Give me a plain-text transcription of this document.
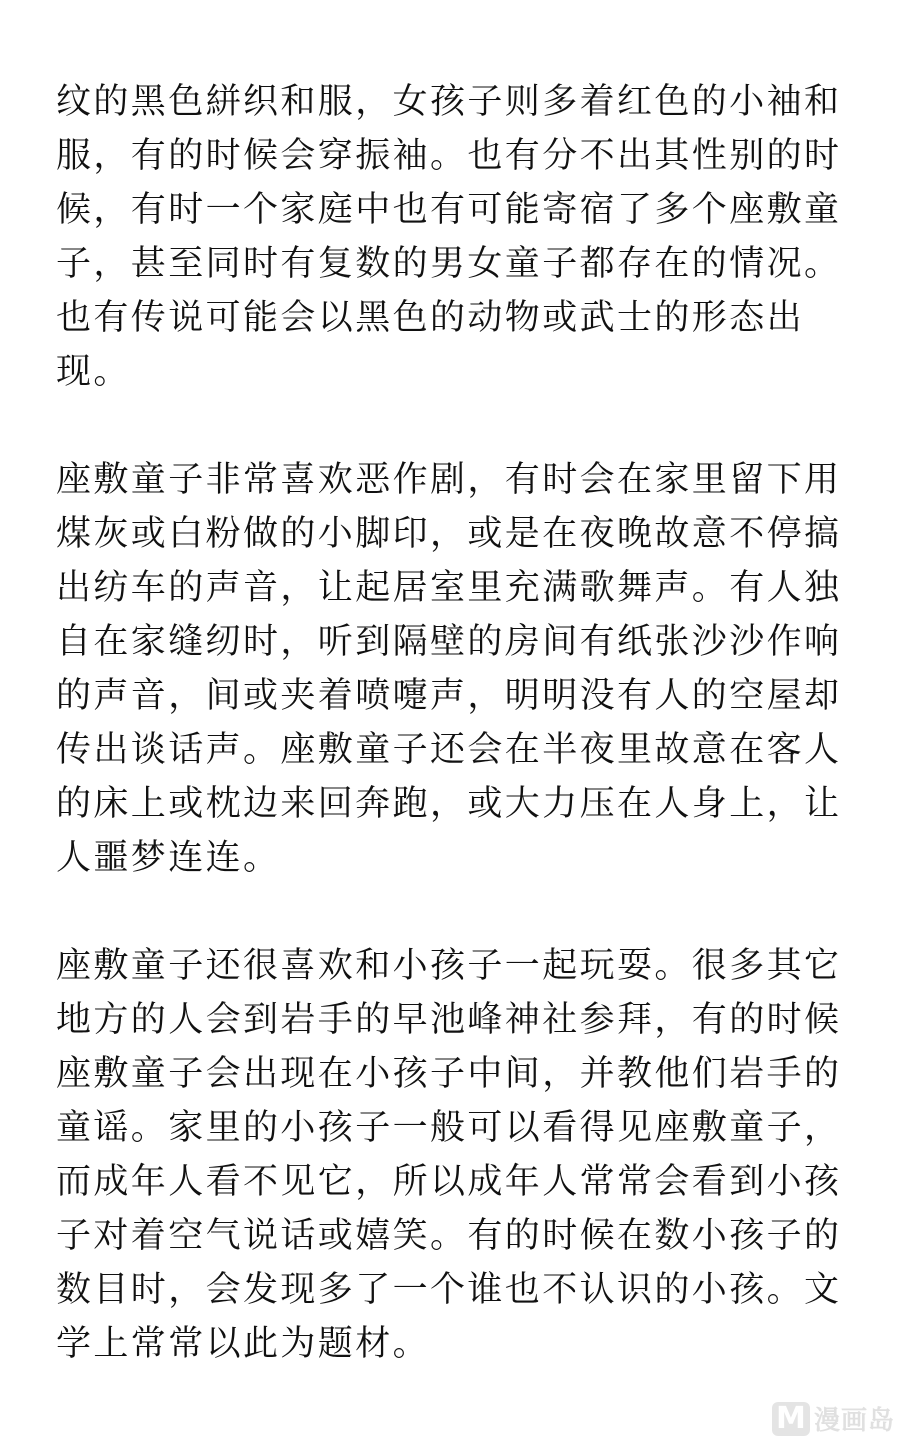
纹的黑色絣织和服，女孩子则多着红色的小袖和
服，有的时候会穿振袖。也有分不出其性别的时
候，有时一个家庭中也有可能寄宿了多个座敷童
子，甚至同时有复数的男女童子都存在的情况。
也有传说可能会以黑色的动物或武士的形态出
现。
座敷童子非常喜欢恶作剧，有时会在家里留下用
煤灰或白粉做的小脚印，或是在夜晚故意不停搞
出纺车的声音，让起居室里充满歌舞声。有人独
自在家缝纫时，听到隔壁的房间有纸张沙沙作响
的声音，间或夹着喷嚏声，明明没有人的空屋却
传出谈话声。座敷童子还会在半夜里故意在客人
的床上或枕边来回奔跑，或大力压在人身上，让
人噩梦连连。
座敷童子还很喜欢和小孩子一起玩耍。很多其它
地方的人会到岩手的早池峰神社参拜，有的时候
座敷童子会出现在小孩子中间，并教他们岩手的
童谣。家里的小孩子一般可以看得见座敷童子，
而成年人看不见它，所以成年人常常会看到小孩
子对着空气说话或嬉笑。有的时候在数小孩子的
数目时，会发现多了一个谁也不认识的小孩。文
学上常常以此为题材。
M 漫画岛
